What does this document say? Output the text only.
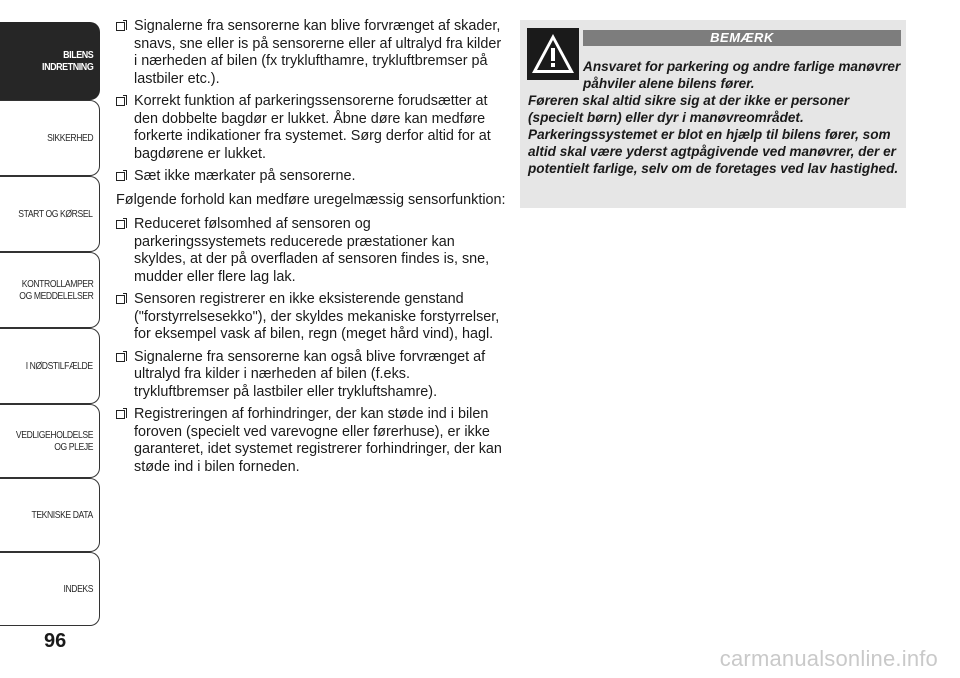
BILENS
INDRETNING
SIKKERHED
START OG KØRSEL
KONTROLLAMPER
OG MEDDELELSER
I NØDSTILFÆLDE
VEDLIGEHOLDELSE
OG PLEJE
TEKNISKE DATA
INDEKS
96
Signalerne fra sensorerne kan blive forvrænget af skader, snavs, sne eller is på sensorerne eller af ultralyd fra kilder i nærheden af bilen (fx tryklufthamre, trykluftbremser på lastbiler etc.).
Korrekt funktion af parkeringssensorerne forudsætter at den dobbelte bagdør er lukket. Åbne døre kan medføre forkerte indikationer fra systemet. Sørg derfor altid for at bagdørene er lukket.
Sæt ikke mærkater på sensorerne.

Følgende forhold kan medføre uregelmæssig sensorfunktion:

Reduceret følsomhed af sensoren og parkeringssystemets reducerede præstationer kan skyldes, at der på overfladen af sensoren findes is, sne, mudder eller flere lag lak.
Sensoren registrerer en ikke eksisterende genstand ("forstyrrelsesekko"), der skyldes mekaniske forstyrrelser, for eksempel vask af bilen, regn (meget hård vind), hagl.
Signalerne fra sensorerne kan også blive forvrænget af ultralyd fra kilder i nærheden af bilen (f.eks. trykluftbremser på lastbiler eller trykluftshamre).
Registreringen af forhindringer, der kan støde ind i bilen foroven (specielt ved varevogne eller førerhuse), er ikke garanteret, idet systemet registrerer forhindringer, der kan støde ind i bilen forneden.
BEMÆRK
Ansvaret for parkering og andre farlige manøvrer påhviler alene bilens fører.
Føreren skal altid sikre sig at der ikke er personer (specielt børn) eller dyr i manøvreområdet. Parkeringssystemet er blot en hjælp til bilens fører, som altid skal være yderst agtpågivende ved manøvrer, der er potentielt farlige, selv om de foretages ved lav hastighed.
carmanualsonline.info
